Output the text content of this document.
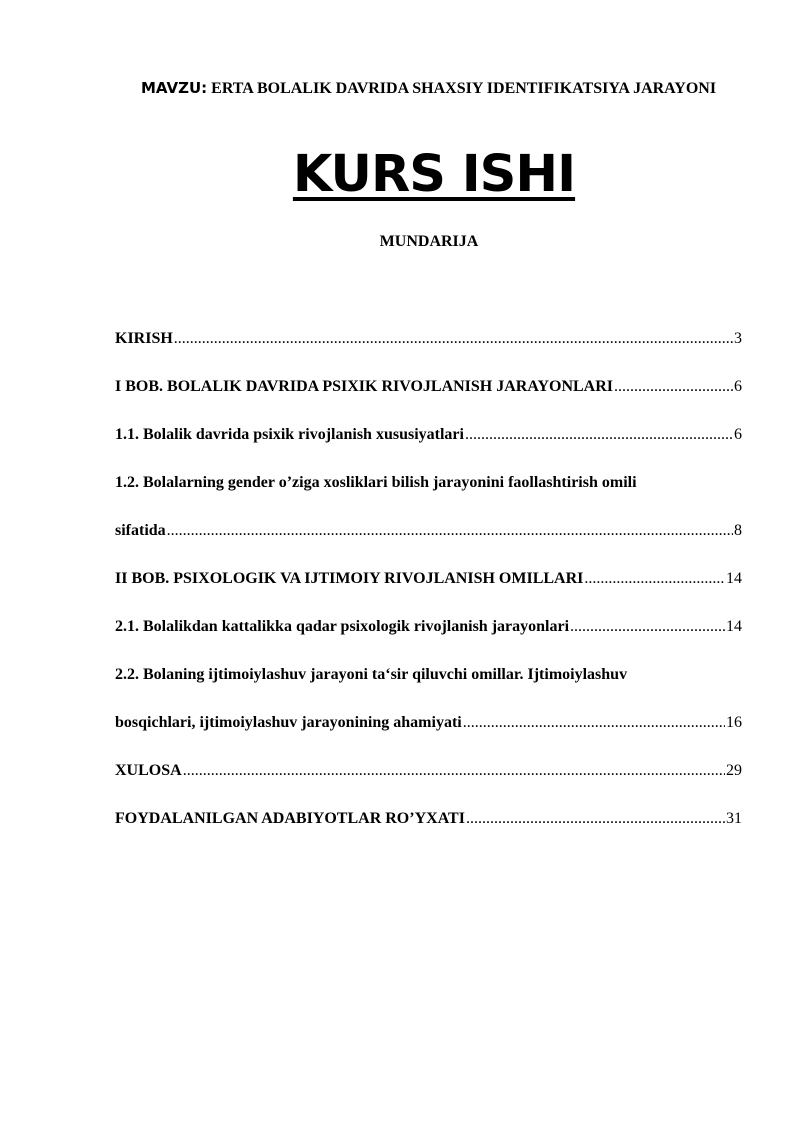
MAVZU: ERTA BOLALIK DAVRIDA SHAXSIY IDENTIFIKATSIYA JARAYONI
KURS ISHI
MUNDARIJA
KIRISH .....	3
I BOB. BOLALIK DAVRIDA PSIXIK RIVOJLANISH JARAYONLARI .....	6
1.1. Bolalik davrida psixik rivojlanish xususiyatlari .....	6
1.2. Bolalarning gender o’ziga xosliklari bilish jarayonini faollashtirish omili
sifatida .....	8
II BOB. PSIXOLOGIK VA IJTIMOIY RIVOJLANISH OMILLARI .....	14
2.1. Bolalikdan kattalikka qadar psixologik rivojlanish jarayonlari .....	14
2.2. Bolaning ijtimoiylashuv jarayoni ta‘sir qiluvchi omillar. Ijtimoiylashuv
bosqichlari, ijtimoiylashuv jarayonining ahamiyati .....	16
XULOSA .....	29
FOYDALANILGAN ADABIYOTLAR RO’YXATI .....	31
